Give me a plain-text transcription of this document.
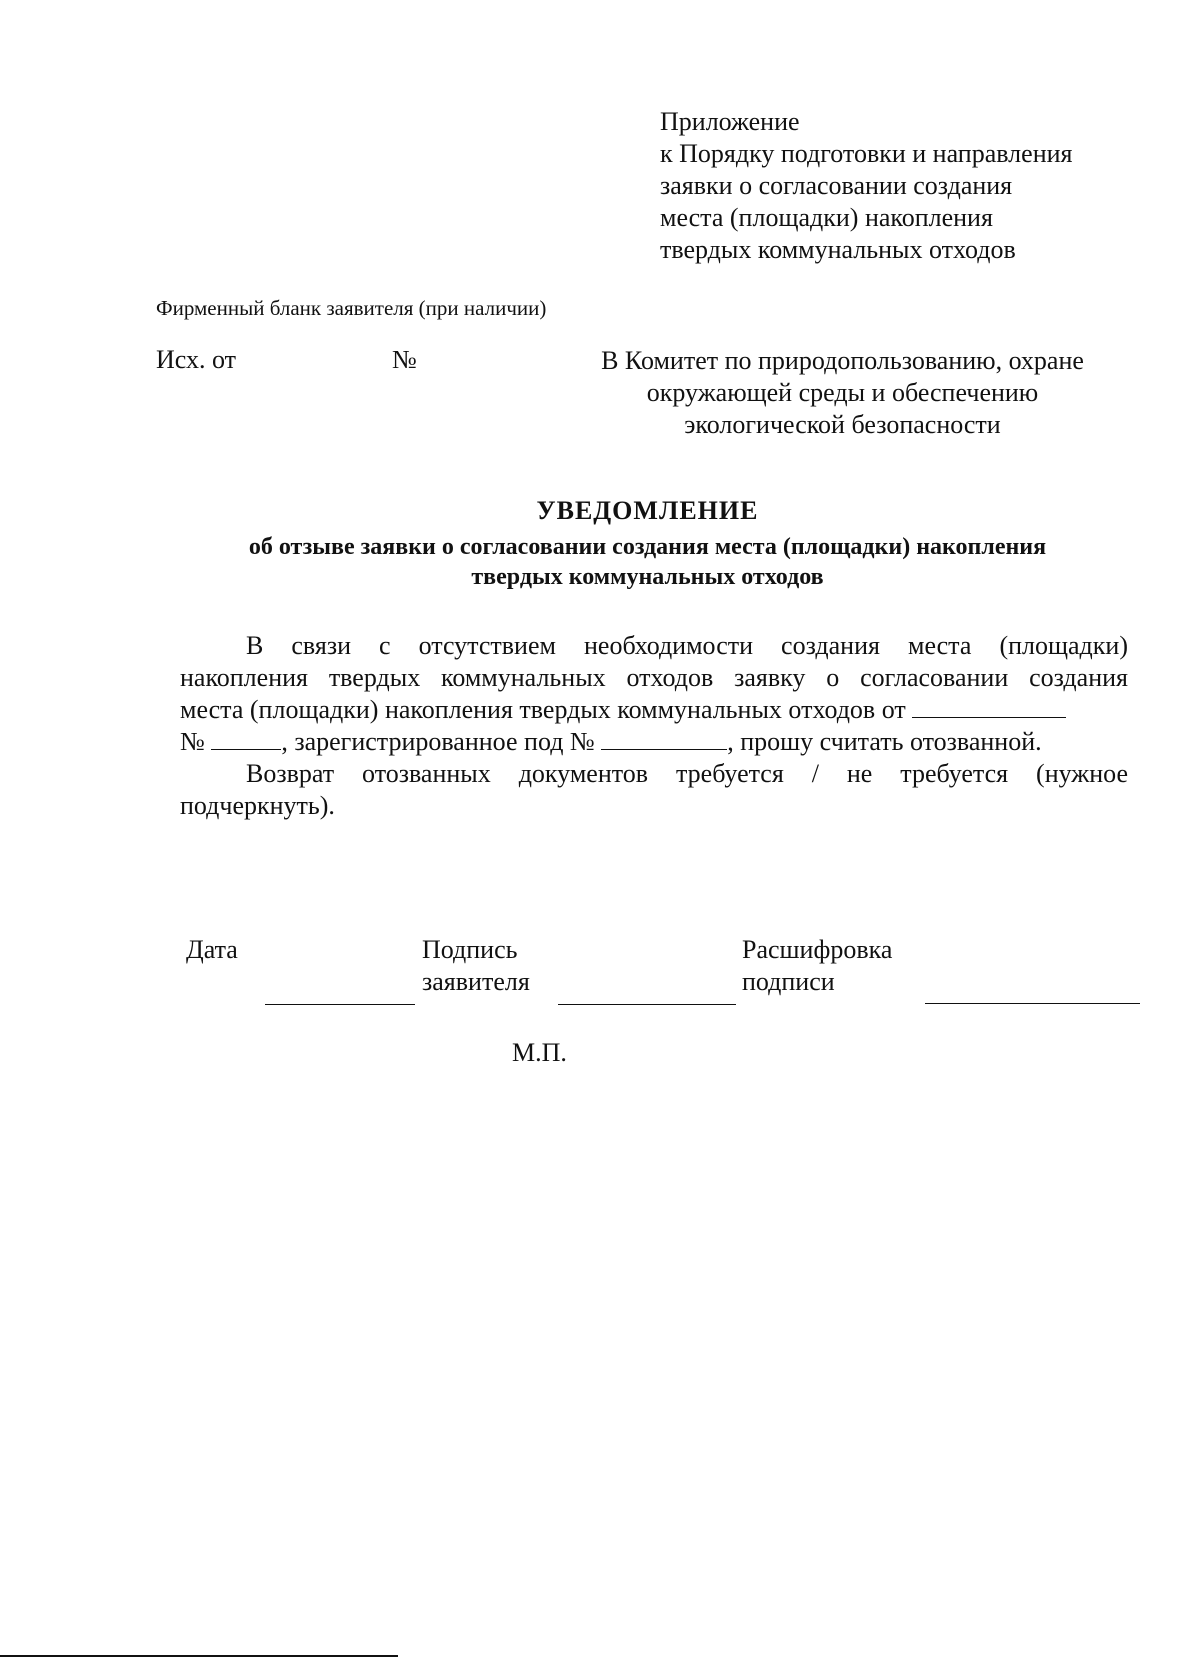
Приложение
к Порядку подготовки и направления
заявки о согласовании создания
места (площадки) накопления
твердых коммунальных отходов
Фирменный бланк заявителя (при наличии)
Исх. от	№	В Комитет по природопользованию, охране
окружающей среды и обеспечению
экологической безопасности
УВЕДОМЛЕНИЕ
об отзыве заявки о согласовании создания места (площадки) накопления
твердых коммунальных отходов
В связи с отсутствием необходимости создания места (площадки)
накопления твердых коммунальных отходов заявку о согласовании создания
места (площадки) накопления твердых коммунальных отходов от
№	, зарегистрированное под №	, прошу считать отозванной.
Возврат отозванных документов требуется / не требуется (нужное
подчеркнуть).
Дата	Подпись
заявителя
Расшифровка
подписи
М.П.
